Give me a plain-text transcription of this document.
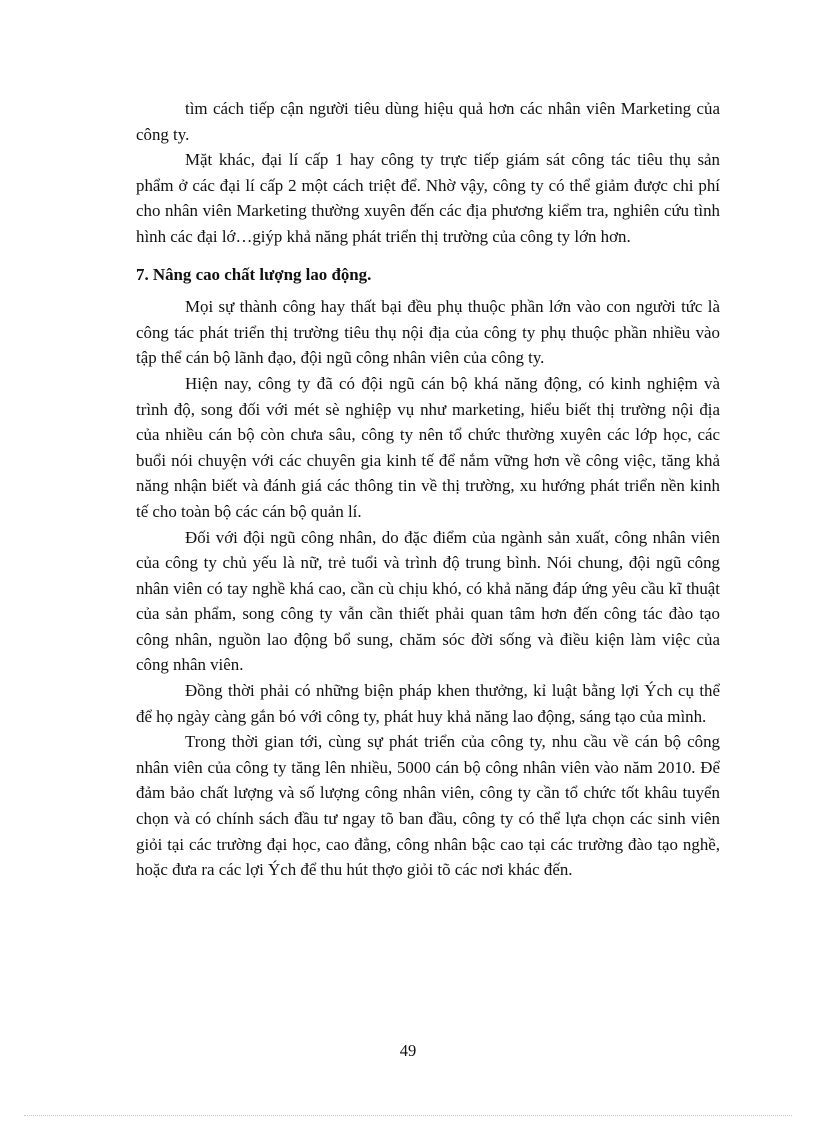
tìm cách tiếp cận người tiêu dùng hiệu quả hơn các nhân viên Marketing của công ty.

Mặt khác, đại lí cấp 1 hay công ty trực tiếp giám sát công tác tiêu thụ sản phẩm ở các đại lí cấp 2 một cách triệt để. Nhờ vậy, công ty có thể giảm được chi phí cho nhân viên Marketing thường xuyên đến các địa phương kiểm tra, nghiên cứu tình hình các đại lớ…giýp khả năng phát triển thị trường của công ty lớn hơn.

7. Nâng cao chất lượng lao động.

Mọi sự thành công hay thất bại đều phụ thuộc phần lớn vào con người tức là công tác phát triển thị trường tiêu thụ nội địa của công ty phụ thuộc phần nhiều vào tập thể cán bộ lãnh đạo, đội ngũ công nhân viên của công ty.

Hiện nay, công ty đã có đội ngũ cán bộ khá năng động, có kinh nghiệm và trình độ, song đối với mét sè nghiệp vụ như marketing, hiểu biết thị trường nội địa của nhiều cán bộ còn chưa sâu, công ty nên tổ chức thường xuyên các lớp học, các buổi nói chuyện với các chuyên gia kinh tế để nắm vững hơn về công việc, tăng khả năng nhận biết và đánh giá các thông tin về thị trường, xu hướng phát triển nền kinh tế cho toàn bộ các cán bộ quản lí.

Đối với đội ngũ công nhân, do đặc điểm của ngành sản xuất, công nhân viên của công ty chủ yếu là nữ, trẻ tuổi và trình độ trung bình. Nói chung, đội ngũ công nhân viên có tay nghề khá cao, cần cù chịu khó, có khả năng đáp ứng yêu cầu kĩ thuật của sản phẩm, song công ty vẫn cần thiết phải quan tâm hơn đến công tác đào tạo công nhân, nguồn lao động bổ sung, chăm sóc đời sống và điều kiện làm việc của công nhân viên.

Đồng thời phải có những biện pháp khen thưởng, kỉ luật bằng lợi Ých cụ thể để họ ngày càng gắn bó với công ty, phát huy khả năng lao động, sáng tạo của mình.

Trong thời gian tới, cùng sự phát triển của công ty, nhu cầu về cán bộ công nhân viên của công ty tăng lên nhiều, 5000 cán bộ công nhân viên vào năm 2010. Để đảm bảo chất lượng và số lượng công nhân viên, công ty cần tổ chức tốt khâu tuyển chọn và có chính sách đầu tư ngay tõ ban đầu, công ty có thể lựa chọn các sinh viên giỏi tại các trường đại học, cao đẳng, công nhân bậc cao tại các trường đào tạo nghề, hoặc đưa ra các lợi Ých để thu hút thợo giỏi tõ các nơi khác đến.

49
